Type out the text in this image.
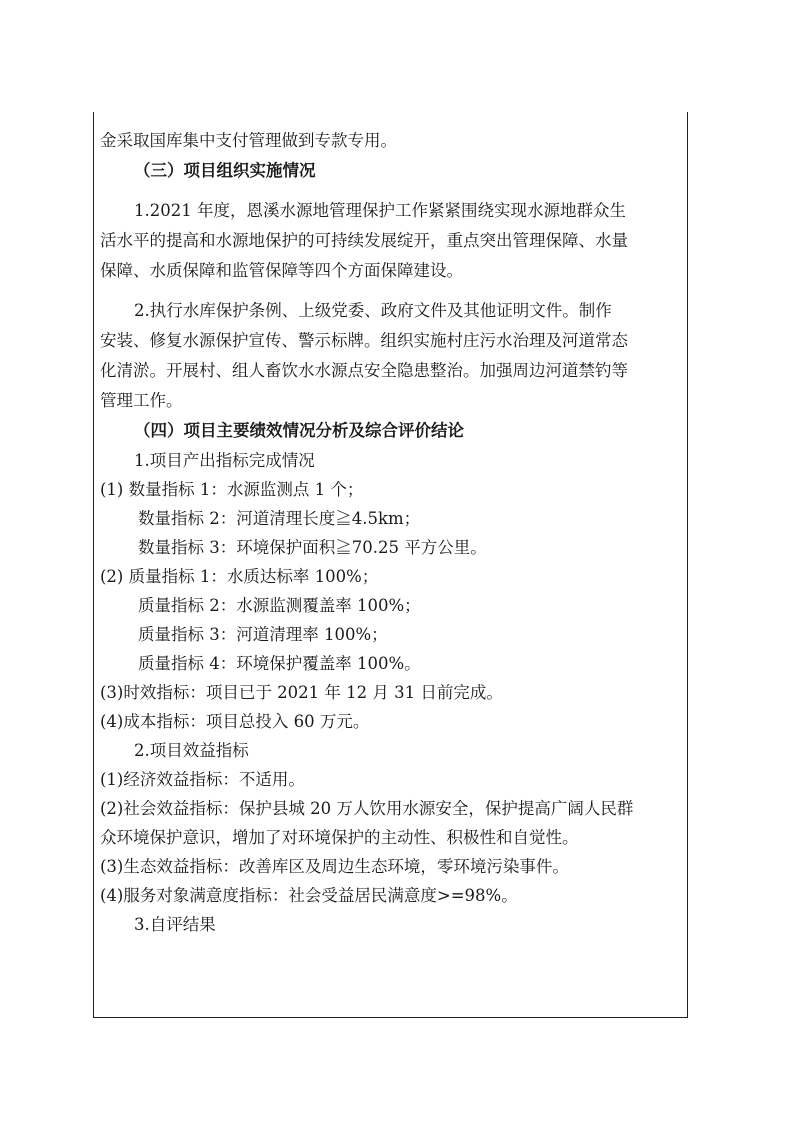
金采取国库集中支付管理做到专款专用。
（三）项目组织实施情况
1.2021 年度，恩溪水源地管理保护工作紧紧围绕实现水源地群众生
活水平的提高和水源地保护的可持续发展绽开，重点突出管理保障、水量
保障、水质保障和监管保障等四个方面保障建设。
2.执行水库保护条例、上级党委、政府文件及其他证明文件。制作
安装、修复水源保护宣传、警示标牌。组织实施村庄污水治理及河道常态
化清淤。开展村、组人畜饮水水源点安全隐患整治。加强周边河道禁钓等
管理工作。
（四）项目主要绩效情况分析及综合评价结论
1.项目产出指标完成情况
(1) 数量指标 1：水源监测点 1 个；
数量指标 2：河道清理长度≧4.5km；
数量指标 3：环境保护面积≧70.25 平方公里。
(2) 质量指标 1：水质达标率 100%；
质量指标 2：水源监测覆盖率 100%；
质量指标 3：河道清理率 100%；
质量指标 4：环境保护覆盖率 100%。
(3)时效指标：项目已于 2021 年 12 月 31 日前完成。
(4)成本指标：项目总投入 60 万元。
2.项目效益指标
(1)经济效益指标：不适用。
(2)社会效益指标：保护县城 20 万人饮用水源安全，保护提高广阔人民群
众环境保护意识，增加了对环境保护的主动性、积极性和自觉性。
(3)生态效益指标：改善库区及周边生态环境，零环境污染事件。
(4)服务对象满意度指标：社会受益居民满意度>=98%。
3.自评结果
